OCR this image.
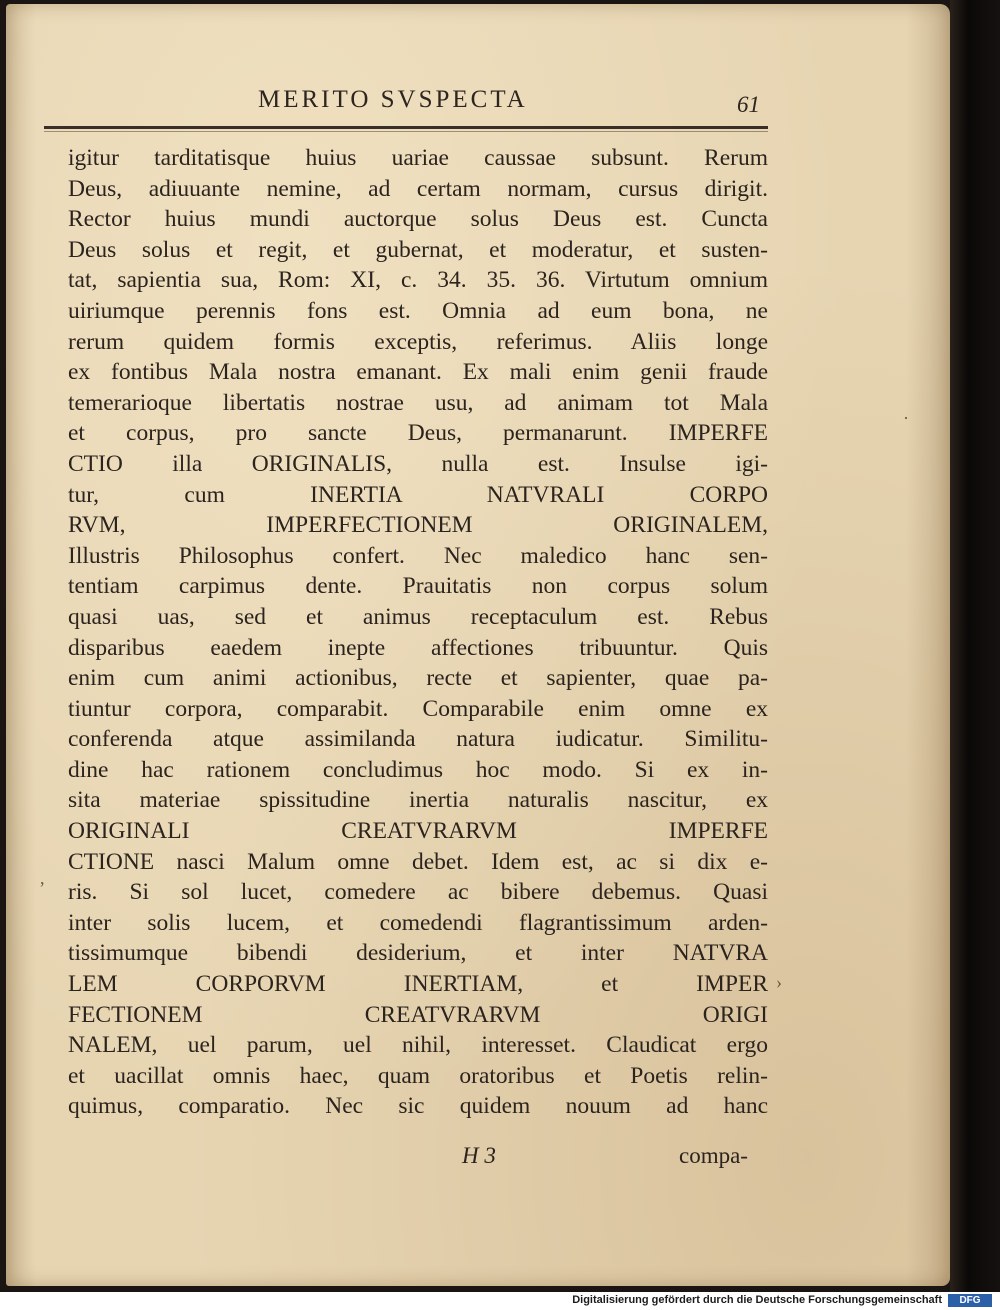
MERITO SVSPECTA	61
igitur tarditatisque huius uariae caussae subsunt. Rerum
Deus, adiuuante nemine, ad certam normam, cursus dirigit.
Rector huius mundi auctorque solus Deus est. Cuncta
Deus solus et regit, et gubernat, et moderatur, et susten-
tat, sapientia sua, Rom: XI, c. 34. 35. 36. Virtutum omnium
uiriumque perennis fons est. Omnia ad eum bona, ne
rerum quidem formis exceptis, referimus. Aliis longe
ex fontibus Mala nostra emanant. Ex mali enim genii fraude
temerarioque libertatis nostrae usu, ad animam tot Mala
et corpus, pro sancte Deus, permanarunt. IMPERFE
CTIO illa ORIGINALIS, nulla est. Insulse igi-
tur, cum INERTIA NATVRALI CORPO
RVM, IMPERFECTIONEM ORIGINALEM,
Illustris Philosophus confert. Nec maledico hanc sen-
tentiam carpimus dente. Prauitatis non corpus solum
quasi uas, sed et animus receptaculum est. Rebus
disparibus eaedem inepte affectiones tribuuntur. Quis
enim cum animi actionibus, recte et sapienter, quae pa-
tiuntur corpora, comparabit. Comparabile enim omne ex
conferenda atque assimilanda natura iudicatur. Similitu-
dine hac rationem concludimus hoc modo. Si ex in-
sita materiae spissitudine inertia naturalis nascitur, ex
ORIGINALI CREATVRARVM IMPERFE
CTIONE nasci Malum omne debet. Idem est, ac si dix e-
ris. Si sol lucet, comedere ac bibere debemus. Quasi
inter solis lucem, et comedendi flagrantissimum arden-
tissimumque bibendi desiderium, et inter NATVRA
LEM CORPORVM INERTIAM, et IMPER
FECTIONEM CREATVRARVM ORIGI
NALEM, uel parum, uel nihil, interesset. Claudicat ergo
et uacillat omnis haec, quam oratoribus et Poetis relin-
quimus, comparatio. Nec sic quidem nouum ad hanc
H 3	compa-
,
›
·
Digitalisierung gefördert durch die Deutsche Forschungsgemeinschaft	DFG
